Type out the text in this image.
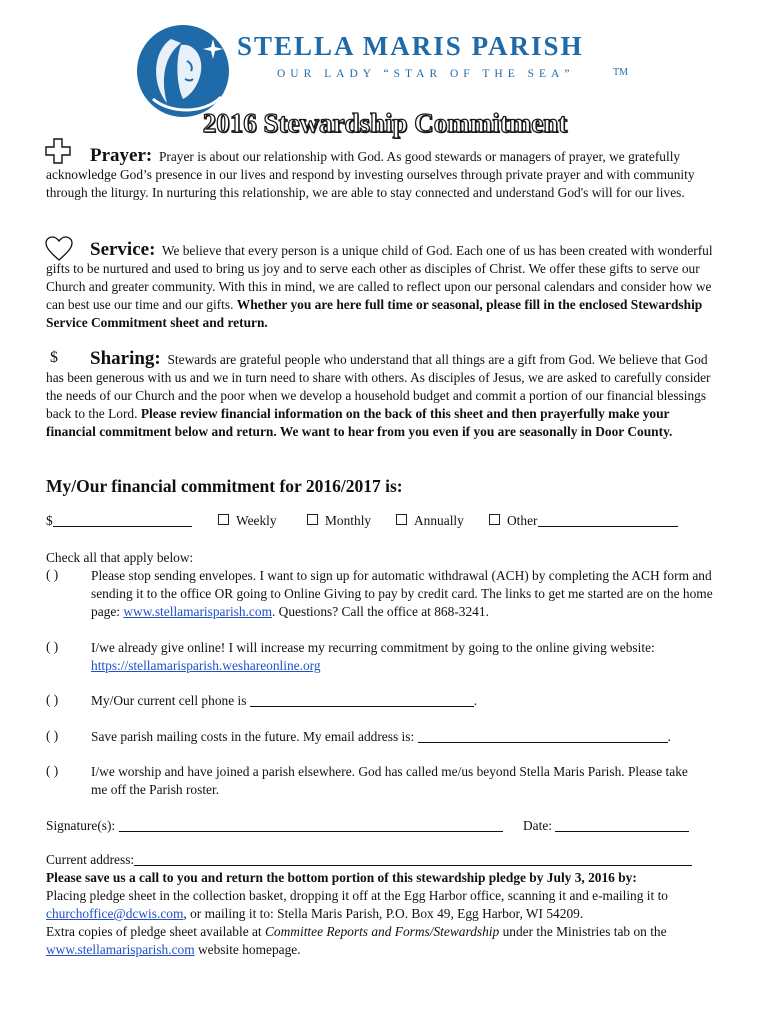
STELLA MARIS PARISH
OUR LADY “STAR OF THE SEA”	TM
2016 Stewardship Commitment
Prayer: Prayer is about our relationship with God. As good stewards or managers of prayer, we gratefully acknowledge God’s presence in our lives and respond by investing ourselves through private prayer and with community through the liturgy. In nurturing this relationship, we are able to stay connected and understand God's will for our lives.
Service: We believe that every person is a unique child of God. Each one of us has been created with wonderful gifts to be nurtured and used to bring us joy and to serve each other as disciples of Christ. We offer these gifts to serve our Church and greater community. With this in mind, we are called to reflect upon our personal calendars and consider how we can best use our time and our gifts. Whether you are here full time or seasonal, please fill in the enclosed Stewardship Service Commitment sheet and return.
$	Sharing: Stewards are grateful people who understand that all things are a gift from God. We believe that God has been generous with us and we in turn need to share with others. As disciples of Jesus, we are asked to carefully consider the needs of our Church and the poor when we develop a household budget and commit a portion of our financial blessings back to the Lord. Please review financial information on the back of this sheet and then prayerfully make your financial commitment below and return. We want to hear from you even if you are seasonally in Door County.
My/Our financial commitment for 2016/2017 is:
$	Weekly	Monthly	Annually	Other
Check all that apply below:
( ) Please stop sending envelopes. I want to sign up for automatic withdrawal (ACH) by completing the ACH form and sending it to the office OR going to Online Giving to pay by credit card. The links to get me started are on the home page: www.stellamarisparish.com. Questions? Call the office at 868-3241.
( ) I/we already give online! I will increase my recurring commitment by going to the online giving website: https://stellamarisparish.weshareonline.org
( ) My/Our current cell phone is	.
( ) Save parish mailing costs in the future. My email address is:	.
( ) I/we worship and have joined a parish elsewhere. God has called me/us beyond Stella Maris Parish. Please take me off the Parish roster.
Signature(s):	Date:
Current address:
Please save us a call to you and return the bottom portion of this stewardship pledge by July 3, 2016 by:
Placing pledge sheet in the collection basket, dropping it off at the Egg Harbor office, scanning it and e-mailing it to churchoffice@dcwis.com, or mailing it to: Stella Maris Parish, P.O. Box 49, Egg Harbor, WI 54209.
Extra copies of pledge sheet available at Committee Reports and Forms/Stewardship under the Ministries tab on the www.stellamarisparish.com website homepage.
